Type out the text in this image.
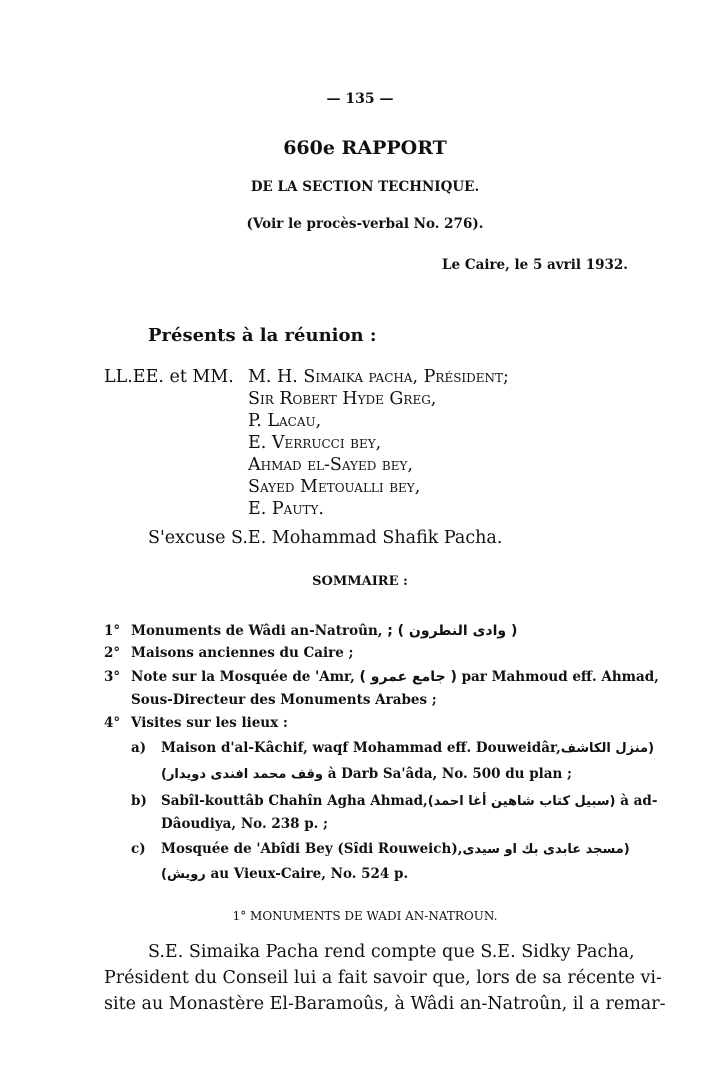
— 135 —
660e RAPPORT
DE LA SECTION TECHNIQUE.
(Voir le procès-verbal No. 276).
Le Caire, le 5 avril 1932.
Présents à la réunion :
LL.EE. et MM. M. H. Simaika pacha, Président;
Sir Robert Hyde Greg,
P. Lacau,
E. Verrucci bey,
Ahmad el-Sayed bey,
Sayed Metoualli bey,
E. Pauty.
S'excuse S.E. Mohammad Shafik Pacha.
SOMMAIRE :
1° Monuments de Wâdi an-Natroûn, ( وادى النطرون ) ;
2° Maisons anciennes du Caire ;
3° Note sur la Mosquée de 'Amr, ( جامع عمرو ) par Mahmoud eff. Ahmad,
Sous-Directeur des Monuments Arabes ;
4° Visites sur les lieux :
a) Maison d'al-Kâchif, waqf Mohammad eff. Douweidâr,(منزل الكاشف
وقف محمد افندى دويدار) à Darb Sa'âda, No. 500 du plan ;
b) Sabîl-kouttâb Chahîn Agha Ahmad,(سبيل كتاب شاهين أغا احمد) à ad-
Dâoudiya, No. 238 p. ;
c) Mosquée de 'Abîdi Bey (Sîdi Rouweich),(مسجد عابدى بك او سيدى
رويش) au Vieux-Caire, No. 524 p.
1° MONUMENTS DE WADI AN-NATROUN.
S.E. Simaika Pacha rend compte que S.E. Sidky Pacha,
Président du Conseil lui a fait savoir que, lors de sa récente vi-
site au Monastère El-Baramoûs, à Wâdi an-Natroûn, il a remar-
